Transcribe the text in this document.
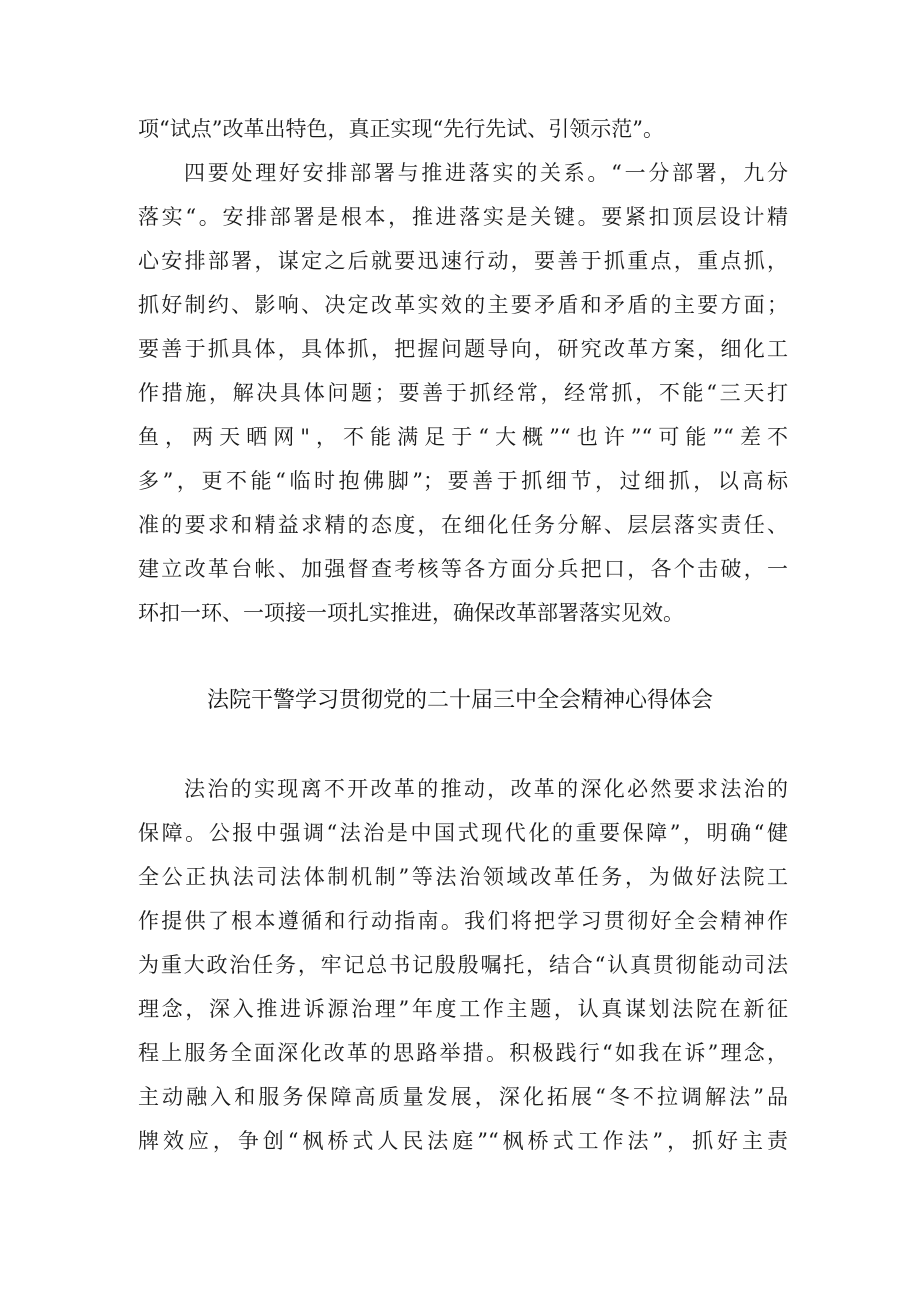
项“试点”改革出特色，真正实现“先行先试、引领示范”。
四要处理好安排部署与推进落实的关系。“一分部署，九分
落实“。安排部署是根本，推进落实是关键。要紧扣顶层设计精
心安排部署，谋定之后就要迅速行动，要善于抓重点，重点抓，
抓好制约、影响、决定改革实效的主要矛盾和矛盾的主要方面；
要善于抓具体，具体抓，把握问题导向，研究改革方案，细化工
作措施，解决具体问题；要善于抓经常，经常抓，不能“三天打
鱼，两天晒网"，不能满足于“大概”“也许”“可能”“差不
多”，更不能“临时抱佛脚”；要善于抓细节，过细抓，以高标
准的要求和精益求精的态度，在细化任务分解、层层落实责任、
建立改革台帐、加强督查考核等各方面分兵把口，各个击破，一
环扣一环、一项接一项扎实推进，确保改革部署落实见效。
法院干警学习贯彻党的二十届三中全会精神心得体会
法治的实现离不开改革的推动，改革的深化必然要求法治的
保障。公报中强调“法治是中国式现代化的重要保障”，明确“健
全公正执法司法体制机制”等法治领域改革任务，为做好法院工
作提供了根本遵循和行动指南。我们将把学习贯彻好全会精神作
为重大政治任务，牢记总书记殷殷嘱托，结合“认真贯彻能动司法
理念，深入推进诉源治理”年度工作主题，认真谋划法院在新征
程上服务全面深化改革的思路举措。积极践行“如我在诉”理念，
主动融入和服务保障高质量发展，深化拓展“冬不拉调解法”品
牌效应，争创“枫桥式人民法庭”“枫桥式工作法”，抓好主责
